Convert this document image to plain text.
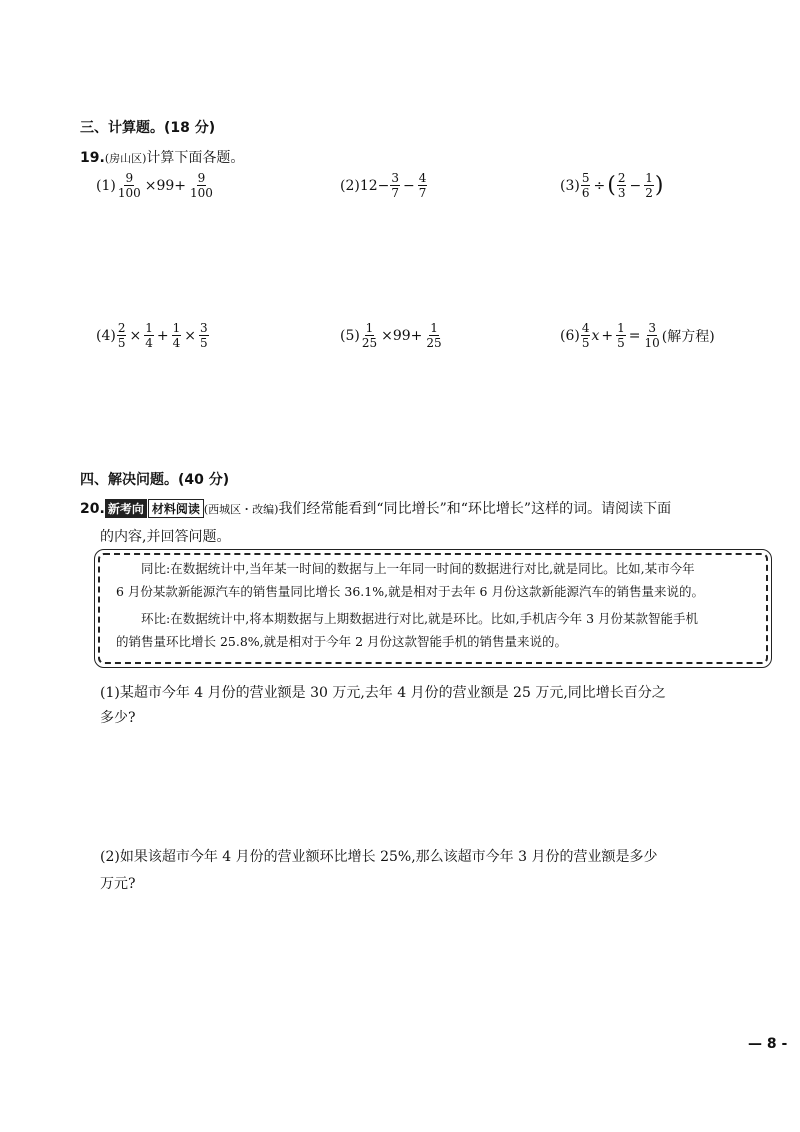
三、计算题。(18 分)
19.(房山区)计算下面各题。
$(1) \frac{9}{100} \times 99+ \frac{9}{100}$	(2) $12- \frac{3}{7} - \frac{4}{7}$	$(3) \frac{5}{6}$ ÷ ( $\frac{2}{3} - \frac{1}{2}$ )
$(4) \frac{2}{5} \times \frac{1}{4} + \frac{1}{4} \times \frac{3}{5}$	$(5) \frac{1}{25} \times 99+ \frac{1}{25}$	$(6) \frac{4}{5}$ $x + \frac{1}{5} = \frac{3}{10}$ (解方程)
四、解决问题。(40 分)
20. 新考向 材料阅读 (西城区・改编)我们经常能看到“同比增长”和“环比增长”这样的词。请阅读下面
的内容,并回答问题。
同比:在数据统计中,当年某一时间的数据与上一年同一时间的数据进行对比,就是同比。比如,某市今年
6 月份某款新能源汽车的销售量同比增长 36.1%,就是相对于去年 6 月份这款新能源汽车的销售量来说的。
环比:在数据统计中,将本期数据与上期数据进行对比,就是环比。比如,手机店今年 3 月份某款智能手机
的销售量环比增长 25.8%,就是相对于今年 2 月份这款智能手机的销售量来说的。
(1)某超市今年 4 月份的营业额是 30 万元,去年 4 月份的营业额是 25 万元,同比增长百分之
多少?
(2)如果该超市今年 4 月份的营业额环比增长 25%,那么该超市今年 3 月份的营业额是多少
万元?
— 8 -
